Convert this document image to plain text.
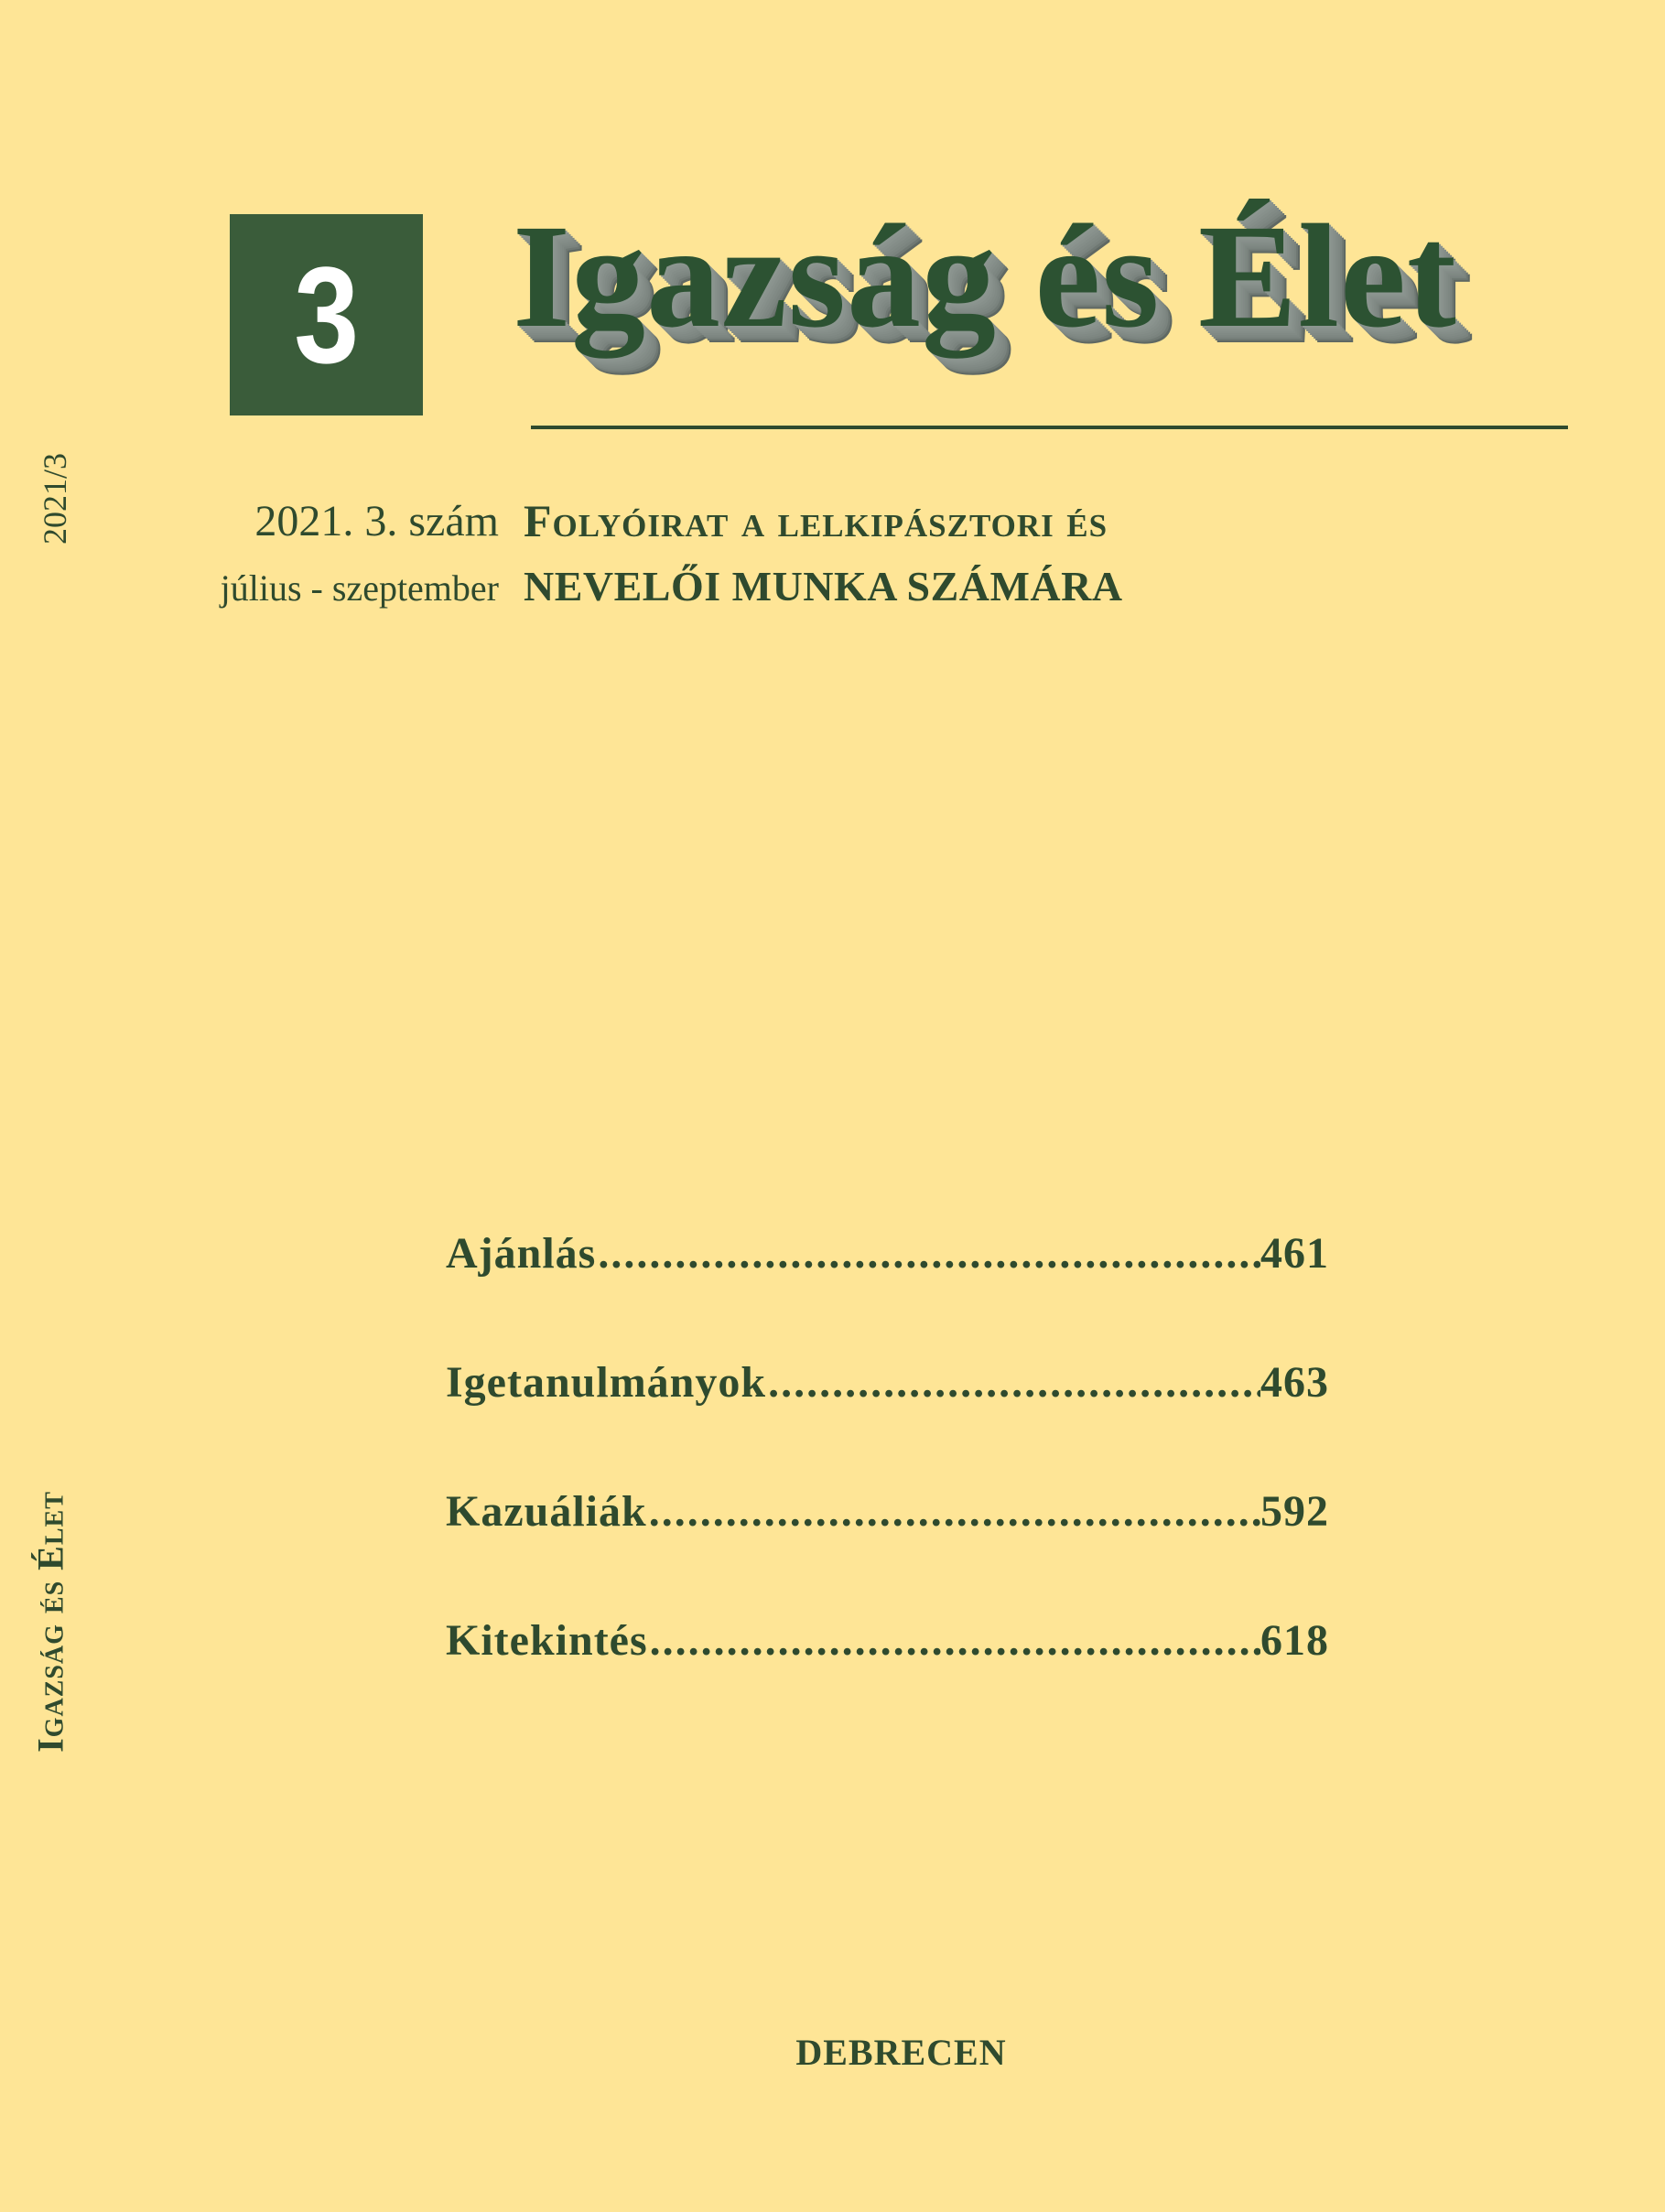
3 Igazság és Élet
2021/3
Igazság és Élet
2021. 3. szám
július - szeptember
Folyóirat a lelkipásztori és
NEVELŐI MUNKA SZÁMÁRA
Ajánlás .....	461
Igetanulmányok .....	463
Kazuáliák .....	592
Kitekintés .....	618
DEBRECEN
